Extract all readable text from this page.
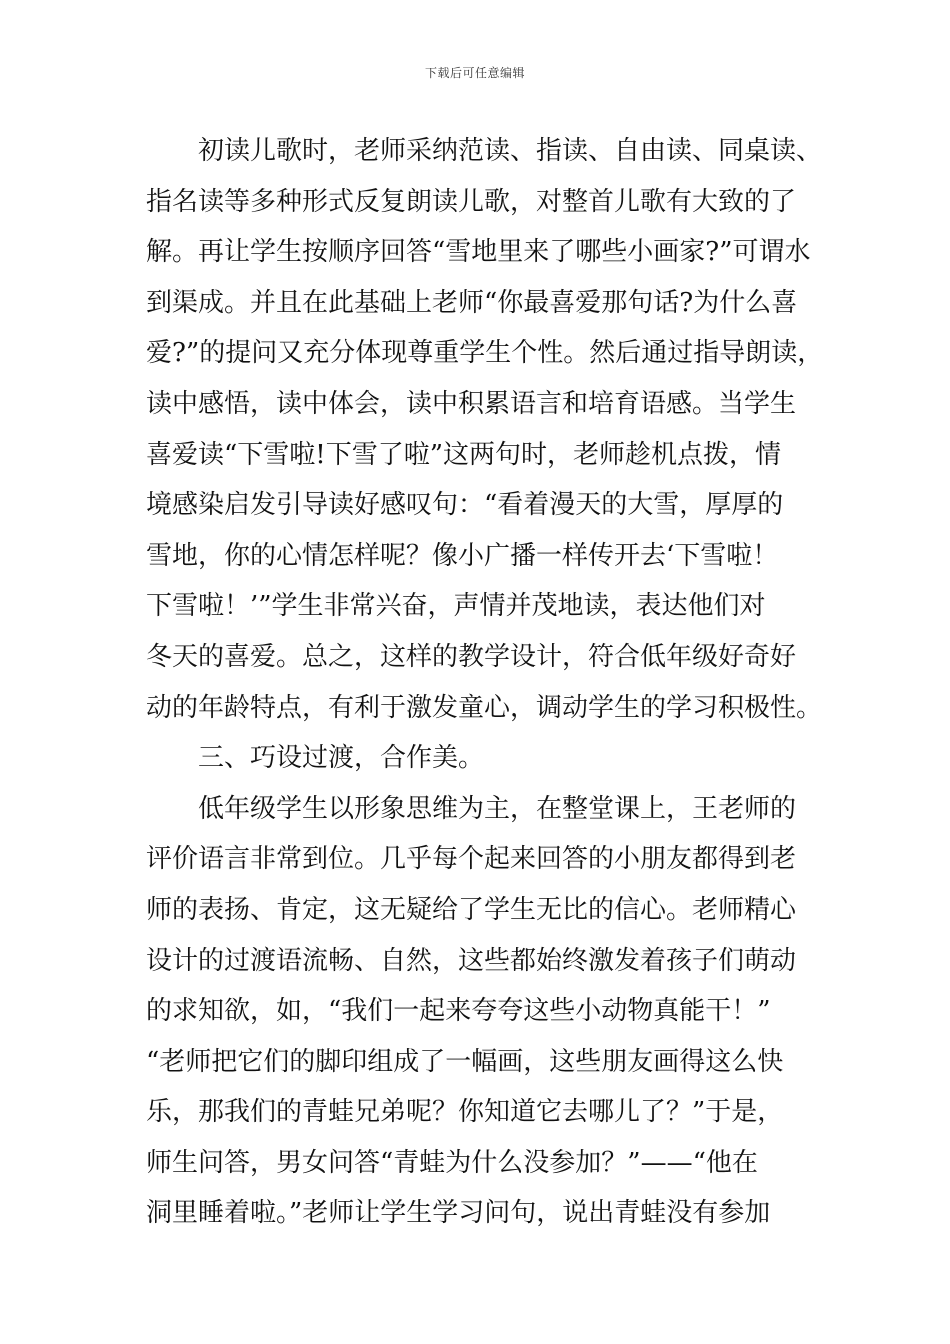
下载后可任意编辑
初读儿歌时，老师采纳范读、指读、自由读、同桌读、
指名读等多种形式反复朗读儿歌，对整首儿歌有大致的了
解。再让学生按顺序回答“雪地里来了哪些小画家?”可谓水
到渠成。并且在此基础上老师“你最喜爱那句话?为什么喜
爱?”的提问又充分体现尊重学生个性。然后通过指导朗读，
读中感悟，读中体会，读中积累语言和培育语感。当学生
喜爱读“下雪啦!下雪了啦”这两句时，老师趁机点拨，情
境感染启发引导读好感叹句：“看着漫天的大雪，厚厚的
雪地，你的心情怎样呢？像小广播一样传开去‘下雪啦！
下雪啦！’”学生非常兴奋，声情并茂地读，表达他们对
冬天的喜爱。总之，这样的教学设计，符合低年级好奇好
动的年龄特点，有利于激发童心，调动学生的学习积极性。
三、巧设过渡，合作美。
低年级学生以形象思维为主，在整堂课上，王老师的
评价语言非常到位。几乎每个起来回答的小朋友都得到老
师的表扬、肯定，这无疑给了学生无比的信心。老师精心
设计的过渡语流畅、自然，这些都始终激发着孩子们萌动
的求知欲，如，“我们一起来夸夸这些小动物真能干！”
“老师把它们的脚印组成了一幅画，这些朋友画得这么快
乐，那我们的青蛙兄弟呢？你知道它去哪儿了？”于是，
师生问答，男女问答“青蛙为什么没参加？”——“他在
洞里睡着啦。”老师让学生学习问句，说出青蛙没有参加
